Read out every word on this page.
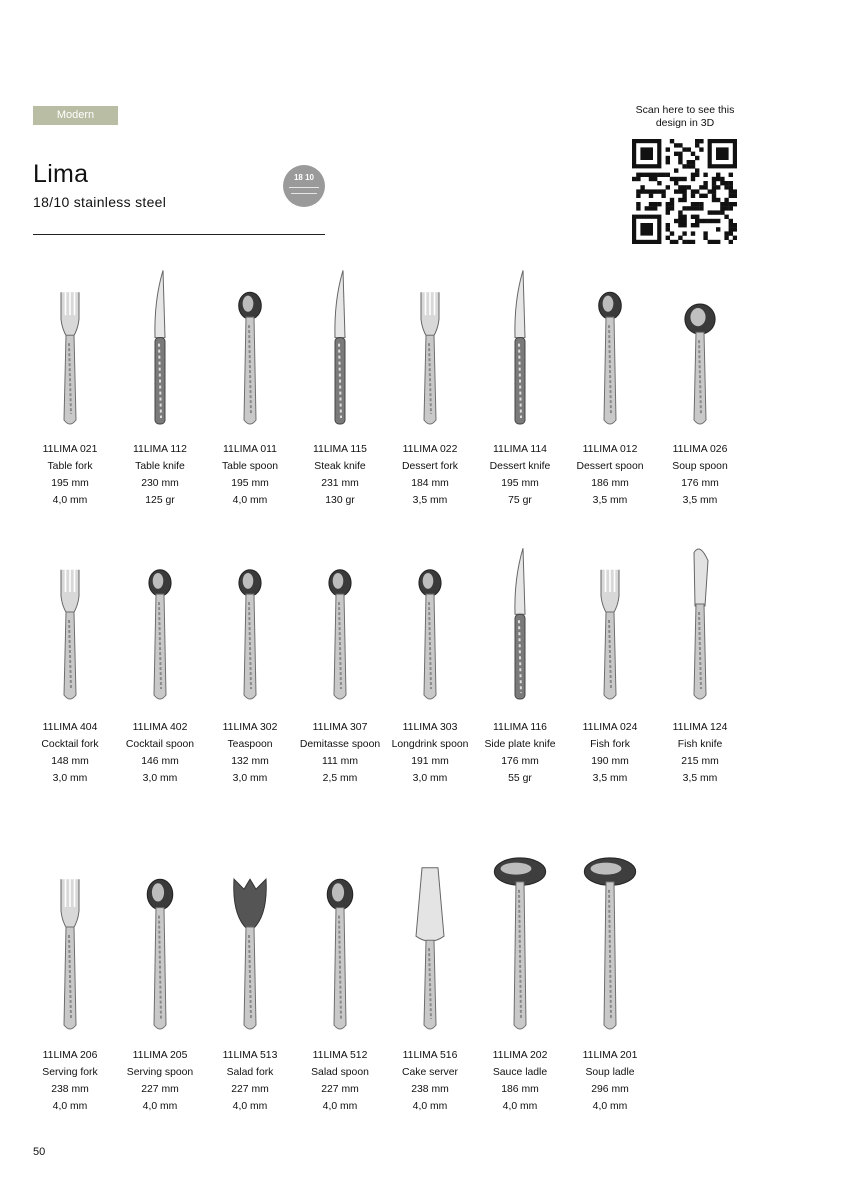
Modern
Lima
18/10 stainless steel
18 10
Scan here to see this
design in 3D
11LIMA 021
Table fork
195 mm
4,0 mm
11LIMA 112
Table knife
230 mm
125 gr
11LIMA 011
Table spoon
195 mm
4,0 mm
11LIMA 115
Steak knife
231 mm
130 gr
11LIMA 022
Dessert fork
184 mm
3,5 mm
11LIMA 114
Dessert knife
195 mm
75 gr
11LIMA 012
Dessert spoon
186 mm
3,5 mm
11LIMA 026
Soup spoon
176 mm
3,5 mm
11LIMA 404
Cocktail fork
148 mm
3,0 mm
11LIMA 402
Cocktail spoon
146 mm
3,0 mm
11LIMA 302
Teaspoon
132 mm
3,0 mm
11LIMA 307
Demitasse spoon
111 mm
2,5 mm
11LIMA 303
Longdrink spoon
191 mm
3,0 mm
11LIMA 116
Side plate knife
176 mm
55 gr
11LIMA 024
Fish fork
190 mm
3,5 mm
11LIMA 124
Fish knife
215 mm
3,5 mm
11LIMA 206
Serving fork
238 mm
4,0 mm
11LIMA 205
Serving spoon
227 mm
4,0 mm
11LIMA 513
Salad fork
227 mm
4,0 mm
11LIMA 512
Salad spoon
227 mm
4,0 mm
11LIMA 516
Cake server
238 mm
4,0 mm
11LIMA 202
Sauce ladle
186 mm
4,0 mm
11LIMA 201
Soup ladle
296 mm
4,0 mm
50
